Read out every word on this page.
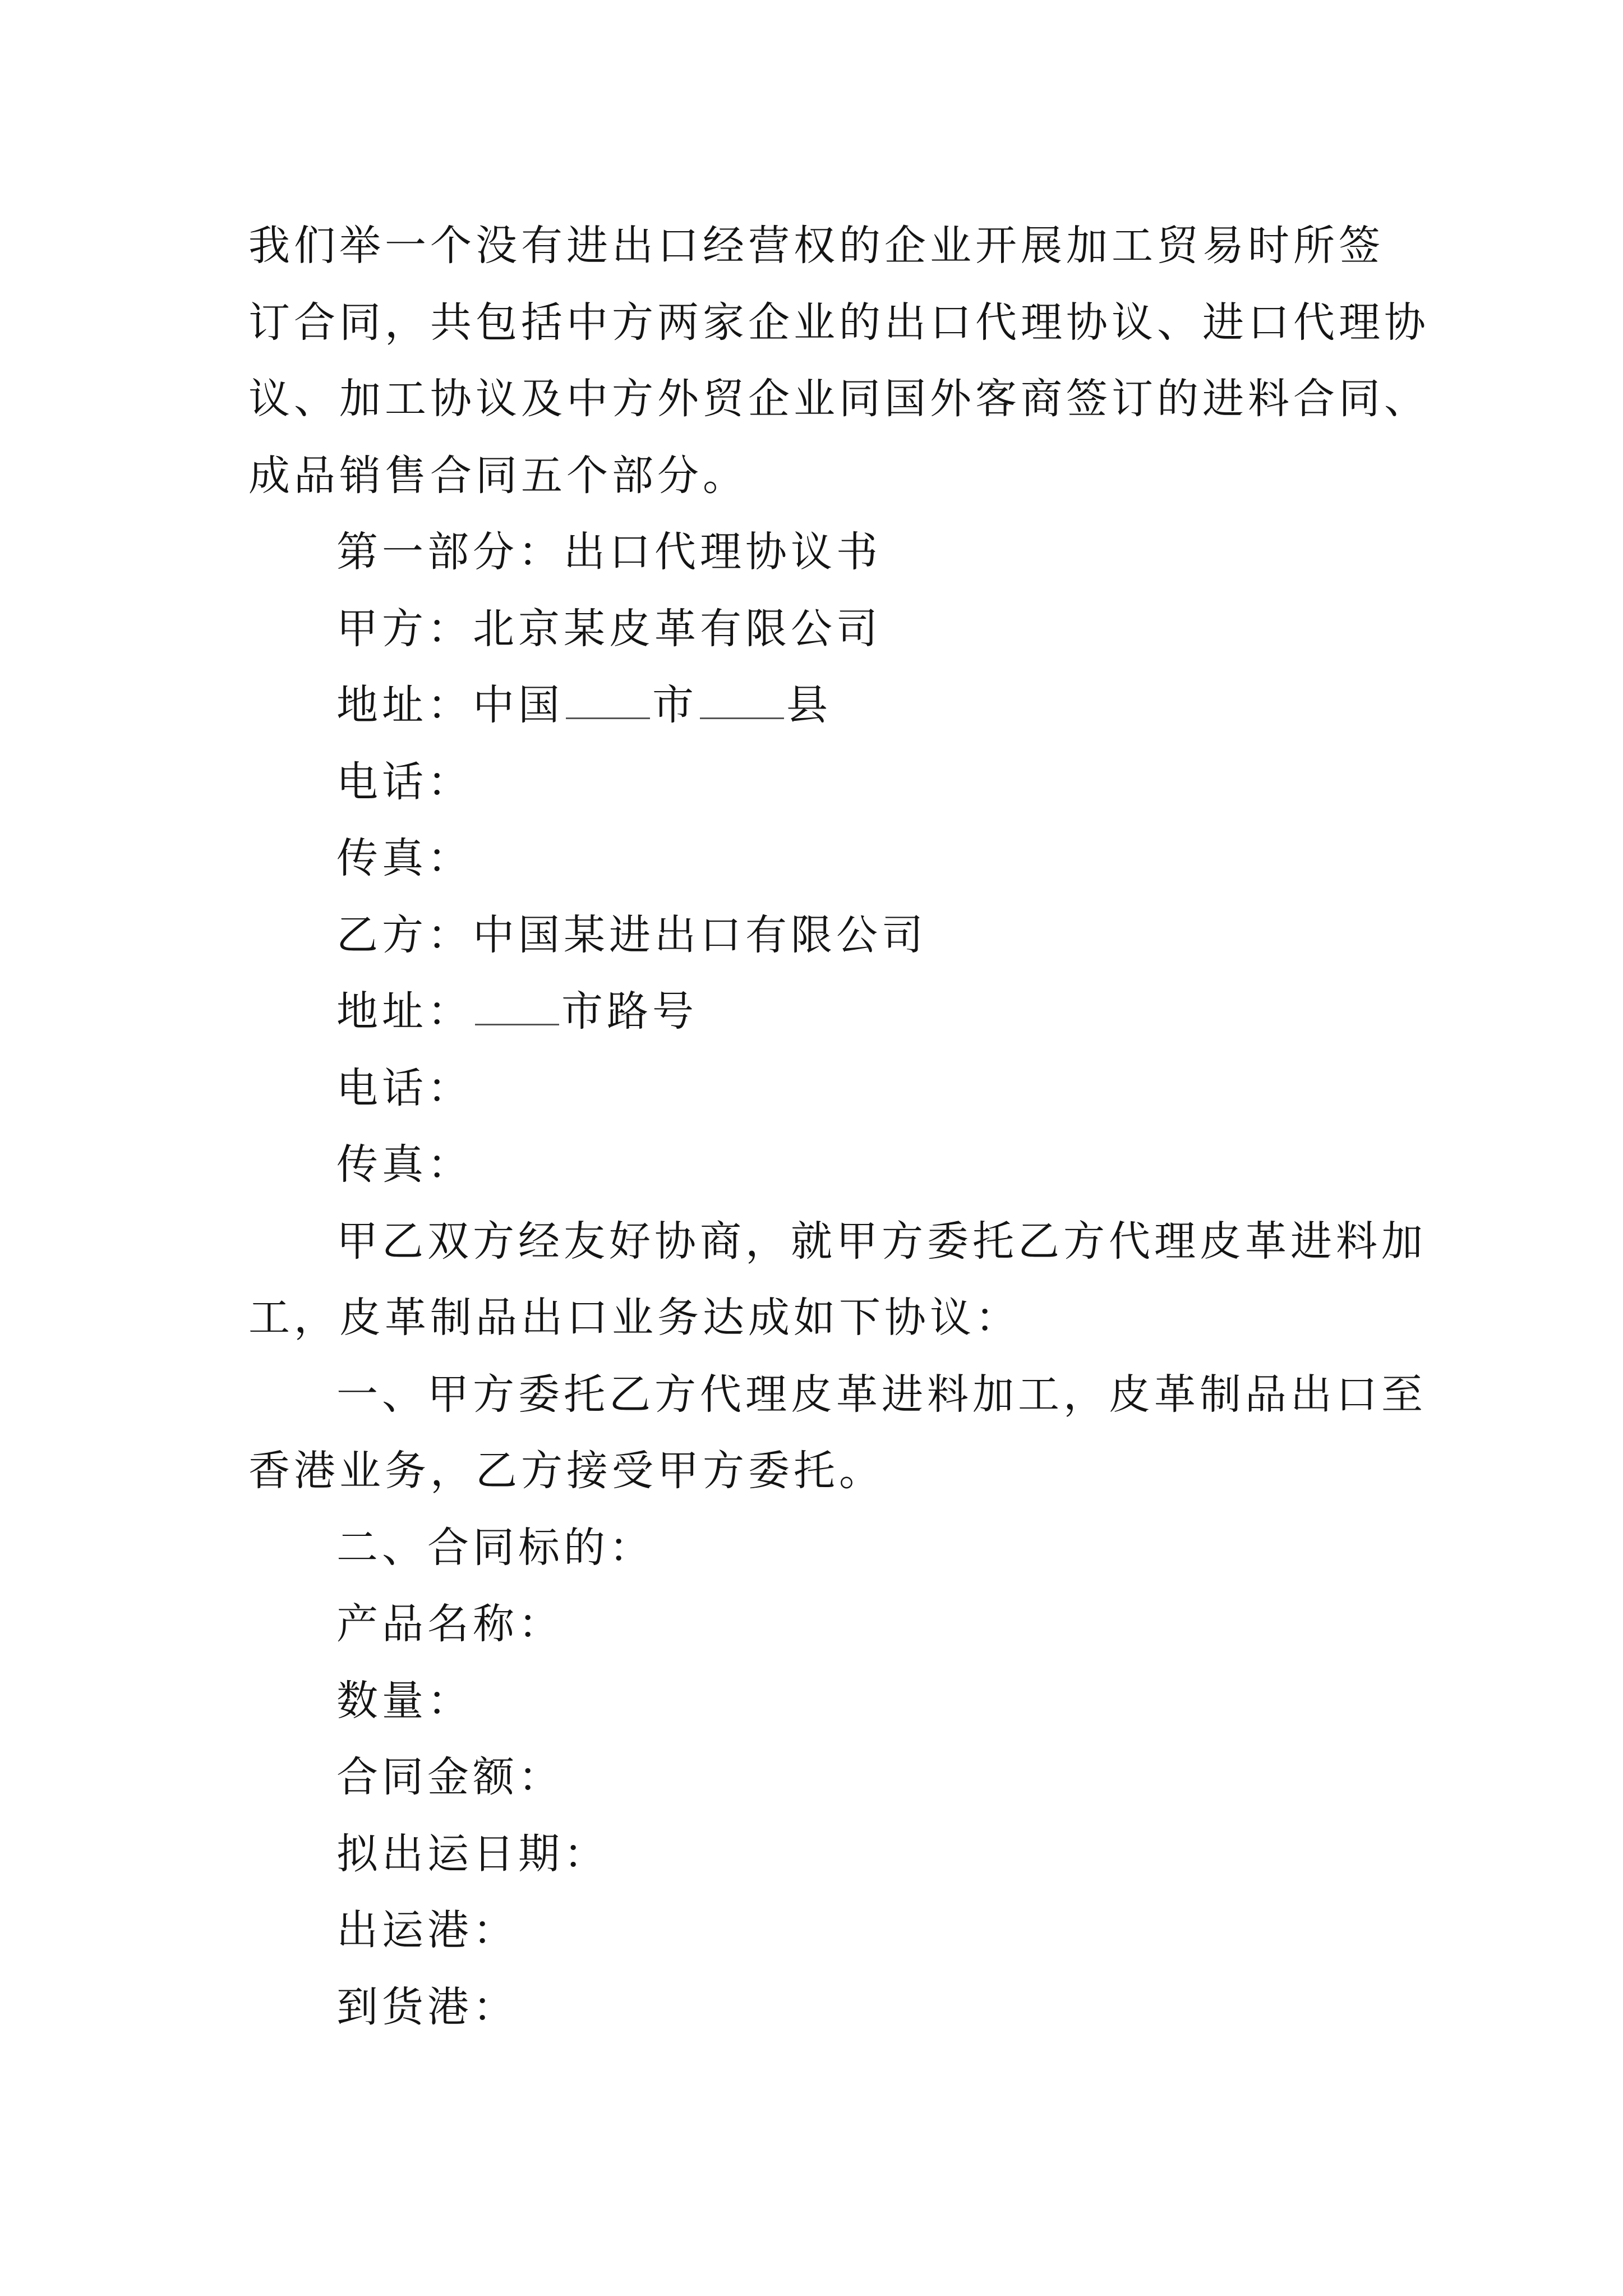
我们举一个没有进出口经营权的企业开展加工贸易时所签
订合同，共包括中方两家企业的出口代理协议、进口代理协
议、加工协议及中方外贸企业同国外客商签订的进料合同、
成品销售合同五个部分。
第一部分：出口代理协议书
甲方：北京某皮革有限公司
地址：中国 市 县
电话：
传真：
乙方：中国某进出口有限公司
地址： 市路号
电话：
传真：
甲乙双方经友好协商，就甲方委托乙方代理皮革进料加
工，皮革制品出口业务达成如下协议：
一、甲方委托乙方代理皮革进料加工，皮革制品出口至
香港业务，乙方接受甲方委托。
二、合同标的：
产品名称：
数量：
合同金额：
拟出运日期：
出运港：
到货港：
